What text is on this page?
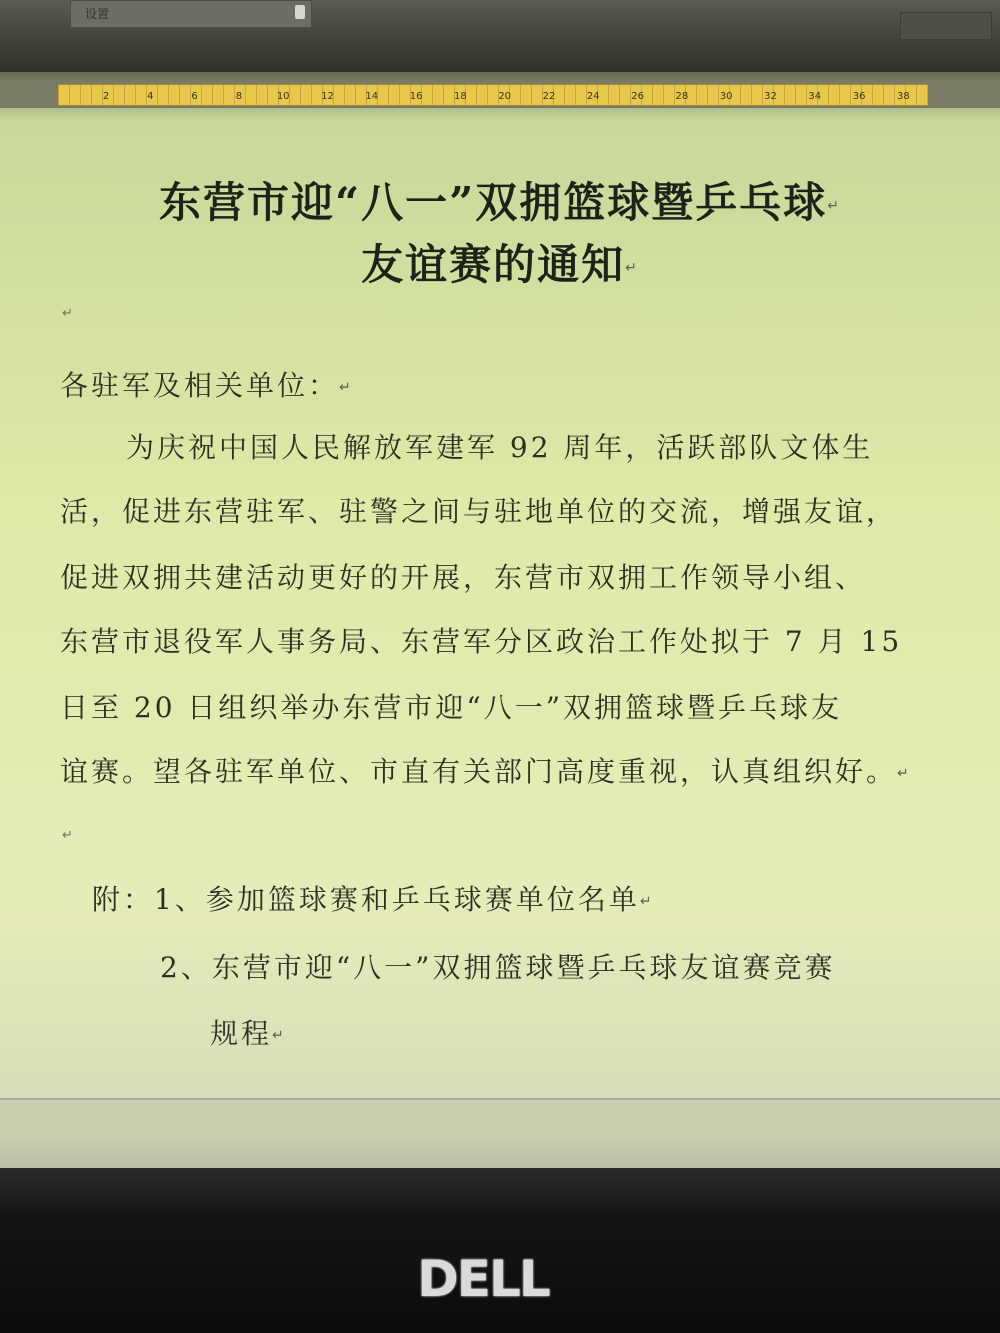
设置
2	4	6	8	10	12	14	16	18	20	22	24	26	28	30	32	34	36	38
东营市迎“八一”双拥篮球暨乒乓球↵
友谊赛的通知↵
↵
各驻军及相关单位：↵
为庆祝中国人民解放军建军 92 周年，活跃部队文体生
活，促进东营驻军、驻警之间与驻地单位的交流，增强友谊，
促进双拥共建活动更好的开展，东营市双拥工作领导小组、
东营市退役军人事务局、东营军分区政治工作处拟于 7 月 15
日至 20 日组织举办东营市迎“八一”双拥篮球暨乒乓球友
谊赛。望各驻军单位、市直有关部门高度重视，认真组织好。↵
↵
附：1、参加篮球赛和乒乓球赛单位名单↵
2、东营市迎“八一”双拥篮球暨乒乓球友谊赛竞赛
规程↵
DELL
